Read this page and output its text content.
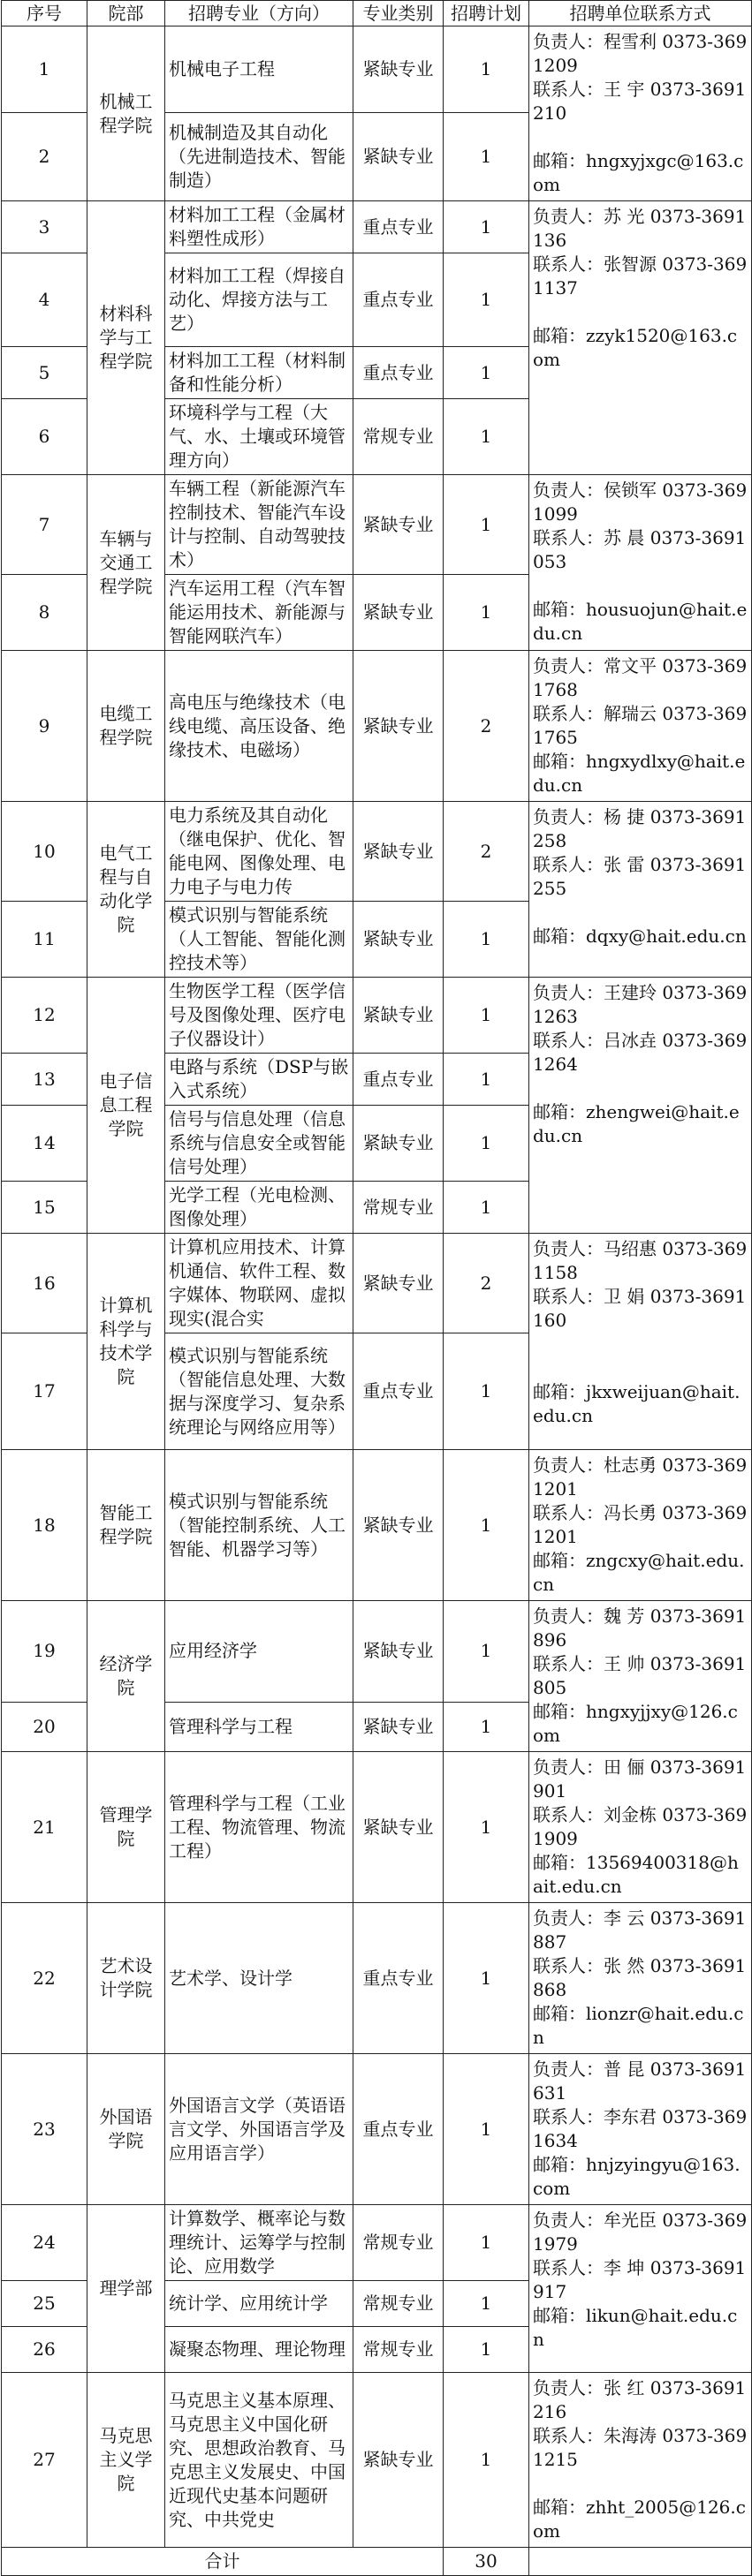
序号	院部	招聘专业（方向）	专业类别	招聘计划	招聘单位联系方式
1	机械工程学院	机械电子工程	紧缺专业	1	负责人：程雪利 0373-3691209
联系人：王 宇 0373-3691210
邮箱：hngxyjxgc@163.com

2		机械制造及其自动化（先进制造技术、智能制造）	紧缺专业	1	
3	材料科学与工程学院	材料加工工程（金属材料塑性成形）	重点专业	1	负责人：苏 光 0373-3691136
联系人：张智源 0373-3691137
邮箱：zzyk1520@163.com

4		材料加工工程（焊接自动化、焊接方法与工艺）	重点专业	1	
5		材料加工工程（材料制备和性能分析）	重点专业	1	
6		环境科学与工程（大气、水、土壤或环境管理方向）	常规专业	1	
7	车辆与交通工程学院	车辆工程（新能源汽车控制技术、智能汽车设计与控制、自动驾驶技术）	紧缺专业	1	负责人：侯锁军 0373-3691099
联系人：苏 晨 0373-3691053
邮箱：housuojun@hait.edu.cn

8		汽车运用工程（汽车智能运用技术、新能源与智能网联汽车）	紧缺专业	1	
9	电缆工程学院	高电压与绝缘技术（电线电缆、高压设备、绝缘技术、电磁场）	紧缺专业	2	负责人：常文平 0373-3691768
联系人：解瑞云 0373-3691765
邮箱：hngxydlxy@hait.edu.cn

10	电气工程与自动化学院	电力系统及其自动化（继电保护、优化、智能电网、图像处理、电力电子与电力传	紧缺专业	2	负责人：杨 捷 0373-3691258
联系人：张 雷 0373-3691255
邮箱：dqxy@hait.edu.cn

11		模式识别与智能系统（人工智能、智能化测控技术等）	紧缺专业	1	
12	电子信息工程学院	生物医学工程（医学信号及图像处理、医疗电子仪器设计）	紧缺专业	1	负责人：王建玲 0373-3691263
联系人：吕冰垚 0373-3691264
邮箱：zhengwei@hait.edu.cn

13		电路与系统（DSP与嵌入式系统）	重点专业	1	
14		信号与信息处理（信息系统与信息安全或智能信号处理）	紧缺专业	1	
15		光学工程（光电检测、图像处理）	常规专业	1	
16	计算机科学与技术学院	计算机应用技术、计算机通信、软件工程、数字媒体、物联网、虚拟现实(混合实	紧缺专业	2	负责人：马绍惠 0373-3691158
联系人：卫 娟 0373-3691160
邮箱：jkxweijuan@hait.edu.cn

17		模式识别与智能系统（智能信息处理、大数据与深度学习、复杂系统理论与网络应用等）	重点专业	1	
18	智能工程学院	模式识别与智能系统（智能控制系统、人工智能、机器学习等）	紧缺专业	1	负责人：杜志勇 0373-3691201
联系人：冯长勇 0373-3691201
邮箱：zngcxy@hait.edu.cn

19	经济学院	应用经济学	紧缺专业	1	负责人：魏 芳 0373-3691896
联系人：王 帅 0373-3691805
邮箱：hngxyjjxy@126.com

20		管理科学与工程	紧缺专业	1	
21	管理学院	管理科学与工程（工业工程、物流管理、物流工程）	紧缺专业	1	负责人：田 俪 0373-3691901
联系人：刘金栋 0373-3691909
邮箱：13569400318@hait.edu.cn

22	艺术设计学院	艺术学、设计学	重点专业	1	负责人：李 云 0373-3691887
联系人：张 然 0373-3691868
邮箱：lionzr@hait.edu.cn

23	外国语学院	外国语言文学（英语语言文学、外国语言学及应用语言学）	重点专业	1	负责人：普 昆 0373-3691631
联系人：李东君 0373-3691634
邮箱：hnjzyingyu@163.com

24	理学部	计算数学、概率论与数理统计、运筹学与控制论、应用数学	常规专业	1	负责人：牟光臣 0373-3691979
联系人：李 坤 0373-3691917
邮箱：likun@hait.edu.cn

25		统计学、应用统计学	常规专业	1	
26		凝聚态物理、理论物理	常规专业	1	
27	马克思主义学院	马克思主义基本原理、马克思主义中国化研究、思想政治教育、马克思主义发展史、中国近现代史基本问题研究、中共党史	紧缺专业	1	负责人：张 红 0373-3691216
联系人：朱海涛 0373-3691215
邮箱：zhht_2005@126.com

合计				30	
